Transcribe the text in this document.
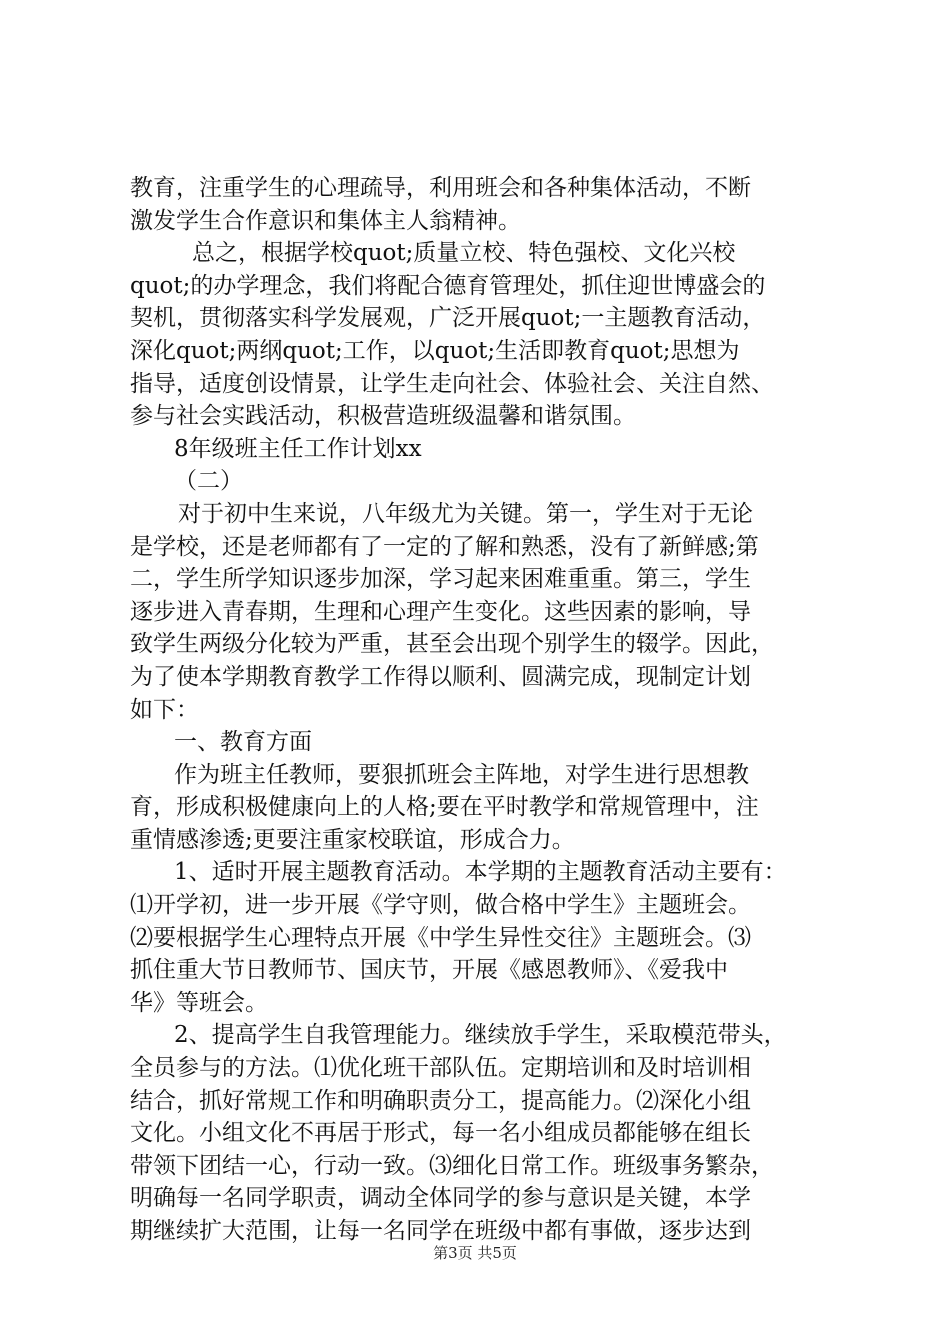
教育，注重学生的心理疏导，利用班会和各种集体活动，不断
激发学生合作意识和集体主人翁精神。
总之，根据学校quot;质量立校、特色强校、文化兴校
quot;的办学理念，我们将配合德育管理处，抓住迎世博盛会的
契机，贯彻落实科学发展观，广泛开展quot;一主题教育活动，
深化quot;两纲quot;工作，以quot;生活即教育quot;思想为
指导，适度创设情景，让学生走向社会、体验社会、关注自然、
参与社会实践活动，积极营造班级温馨和谐氛围。
8年级班主任工作计划xx
（二）
对于初中生来说，八年级尤为关键。第一，学生对于无论
是学校，还是老师都有了一定的了解和熟悉，没有了新鲜感;第
二，学生所学知识逐步加深，学习起来困难重重。第三，学生
逐步进入青春期，生理和心理产生变化。这些因素的影响，导
致学生两级分化较为严重，甚至会出现个别学生的辍学。因此，
为了使本学期教育教学工作得以顺利、圆满完成，现制定计划
如下：
一、教育方面
作为班主任教师，要狠抓班会主阵地，对学生进行思想教
育，形成积极健康向上的人格;要在平时教学和常规管理中，注
重情感渗透;更要注重家校联谊，形成合力。
1、适时开展主题教育活动。本学期的主题教育活动主要有：
⑴开学初，进一步开展《学守则，做合格中学生》主题班会。
⑵要根据学生心理特点开展《中学生异性交往》主题班会。⑶
抓住重大节日教师节、国庆节，开展《感恩教师》、《爱我中
华》等班会。
2、提高学生自我管理能力。继续放手学生，采取模范带头，
全员参与的方法。⑴优化班干部队伍。定期培训和及时培训相
结合，抓好常规工作和明确职责分工，提高能力。⑵深化小组
文化。小组文化不再居于形式，每一名小组成员都能够在组长
带领下团结一心，行动一致。⑶细化日常工作。班级事务繁杂，
明确每一名同学职责，调动全体同学的参与意识是关键，本学
期继续扩大范围，让每一名同学在班级中都有事做，逐步达到
第3页 共5页
